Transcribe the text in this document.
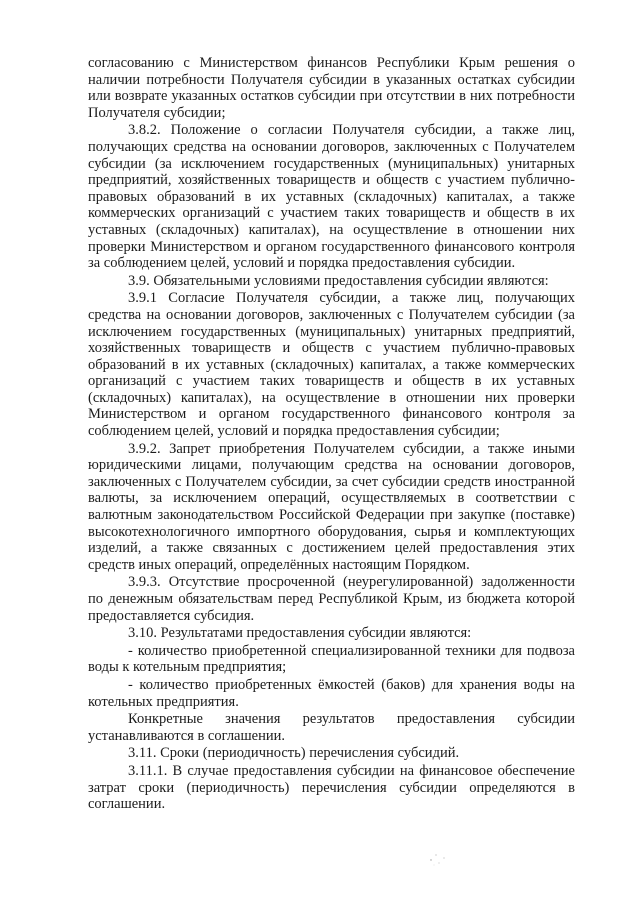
согласованию с Министерством финансов Республики Крым решения о наличии потребности Получателя субсидии в указанных остатках субсидии или возврате указанных остатков субсидии при отсутствии в них потребности Получателя субсидии;

3.8.2. Положение о согласии Получателя субсидии, а также лиц, получающих средства на основании договоров, заключенных с Получателем субсидии (за исключением государственных (муниципальных) унитарных предприятий, хозяйственных товариществ и обществ с участием публично-правовых образований в их уставных (складочных) капиталах, а также коммерческих организаций с участием таких товариществ и обществ в их уставных (складочных) капиталах), на осуществление в отношении них проверки Министерством и органом государственного финансового контроля за соблюдением целей, условий и порядка предоставления субсидии.

3.9. Обязательными условиями предоставления субсидии являются:

3.9.1 Согласие Получателя субсидии, а также лиц, получающих средства на основании договоров, заключенных с Получателем субсидии (за исключением государственных (муниципальных) унитарных предприятий, хозяйственных товариществ и обществ с участием публично-правовых образований в их уставных (складочных) капиталах, а также коммерческих организаций с участием таких товариществ и обществ в их уставных (складочных) капиталах), на осуществление в отношении них проверки Министерством и органом государственного финансового контроля за соблюдением целей, условий и порядка предоставления субсидии;

3.9.2. Запрет приобретения Получателем субсидии, а также иными юридическими лицами, получающим средства на основании договоров, заключенных с Получателем субсидии, за счет субсидии средств иностранной валюты, за исключением операций, осуществляемых в соответствии с валютным законодательством Российской Федерации при закупке (поставке) высокотехнологичного импортного оборудования, сырья и комплектующих изделий, а также связанных с достижением целей предоставления этих средств иных операций, определённых настоящим Порядком.

3.9.3. Отсутствие просроченной (неурегулированной) задолженности по денежным обязательствам перед Республикой Крым, из бюджета которой предоставляется субсидия.

3.10. Результатами предоставления субсидии являются:

- количество приобретенной специализированной техники для подвоза воды к котельным предприятия;

- количество приобретенных ёмкостей (баков) для хранения воды на котельных предприятия.

Конкретные значения результатов предоставления субсидии устанавливаются в соглашении.

3.11. Сроки (периодичность) перечисления субсидий.

3.11.1. В случае предоставления субсидии на финансовое обеспечение затрат сроки (периодичность) перечисления субсидии определяются в соглашении.
